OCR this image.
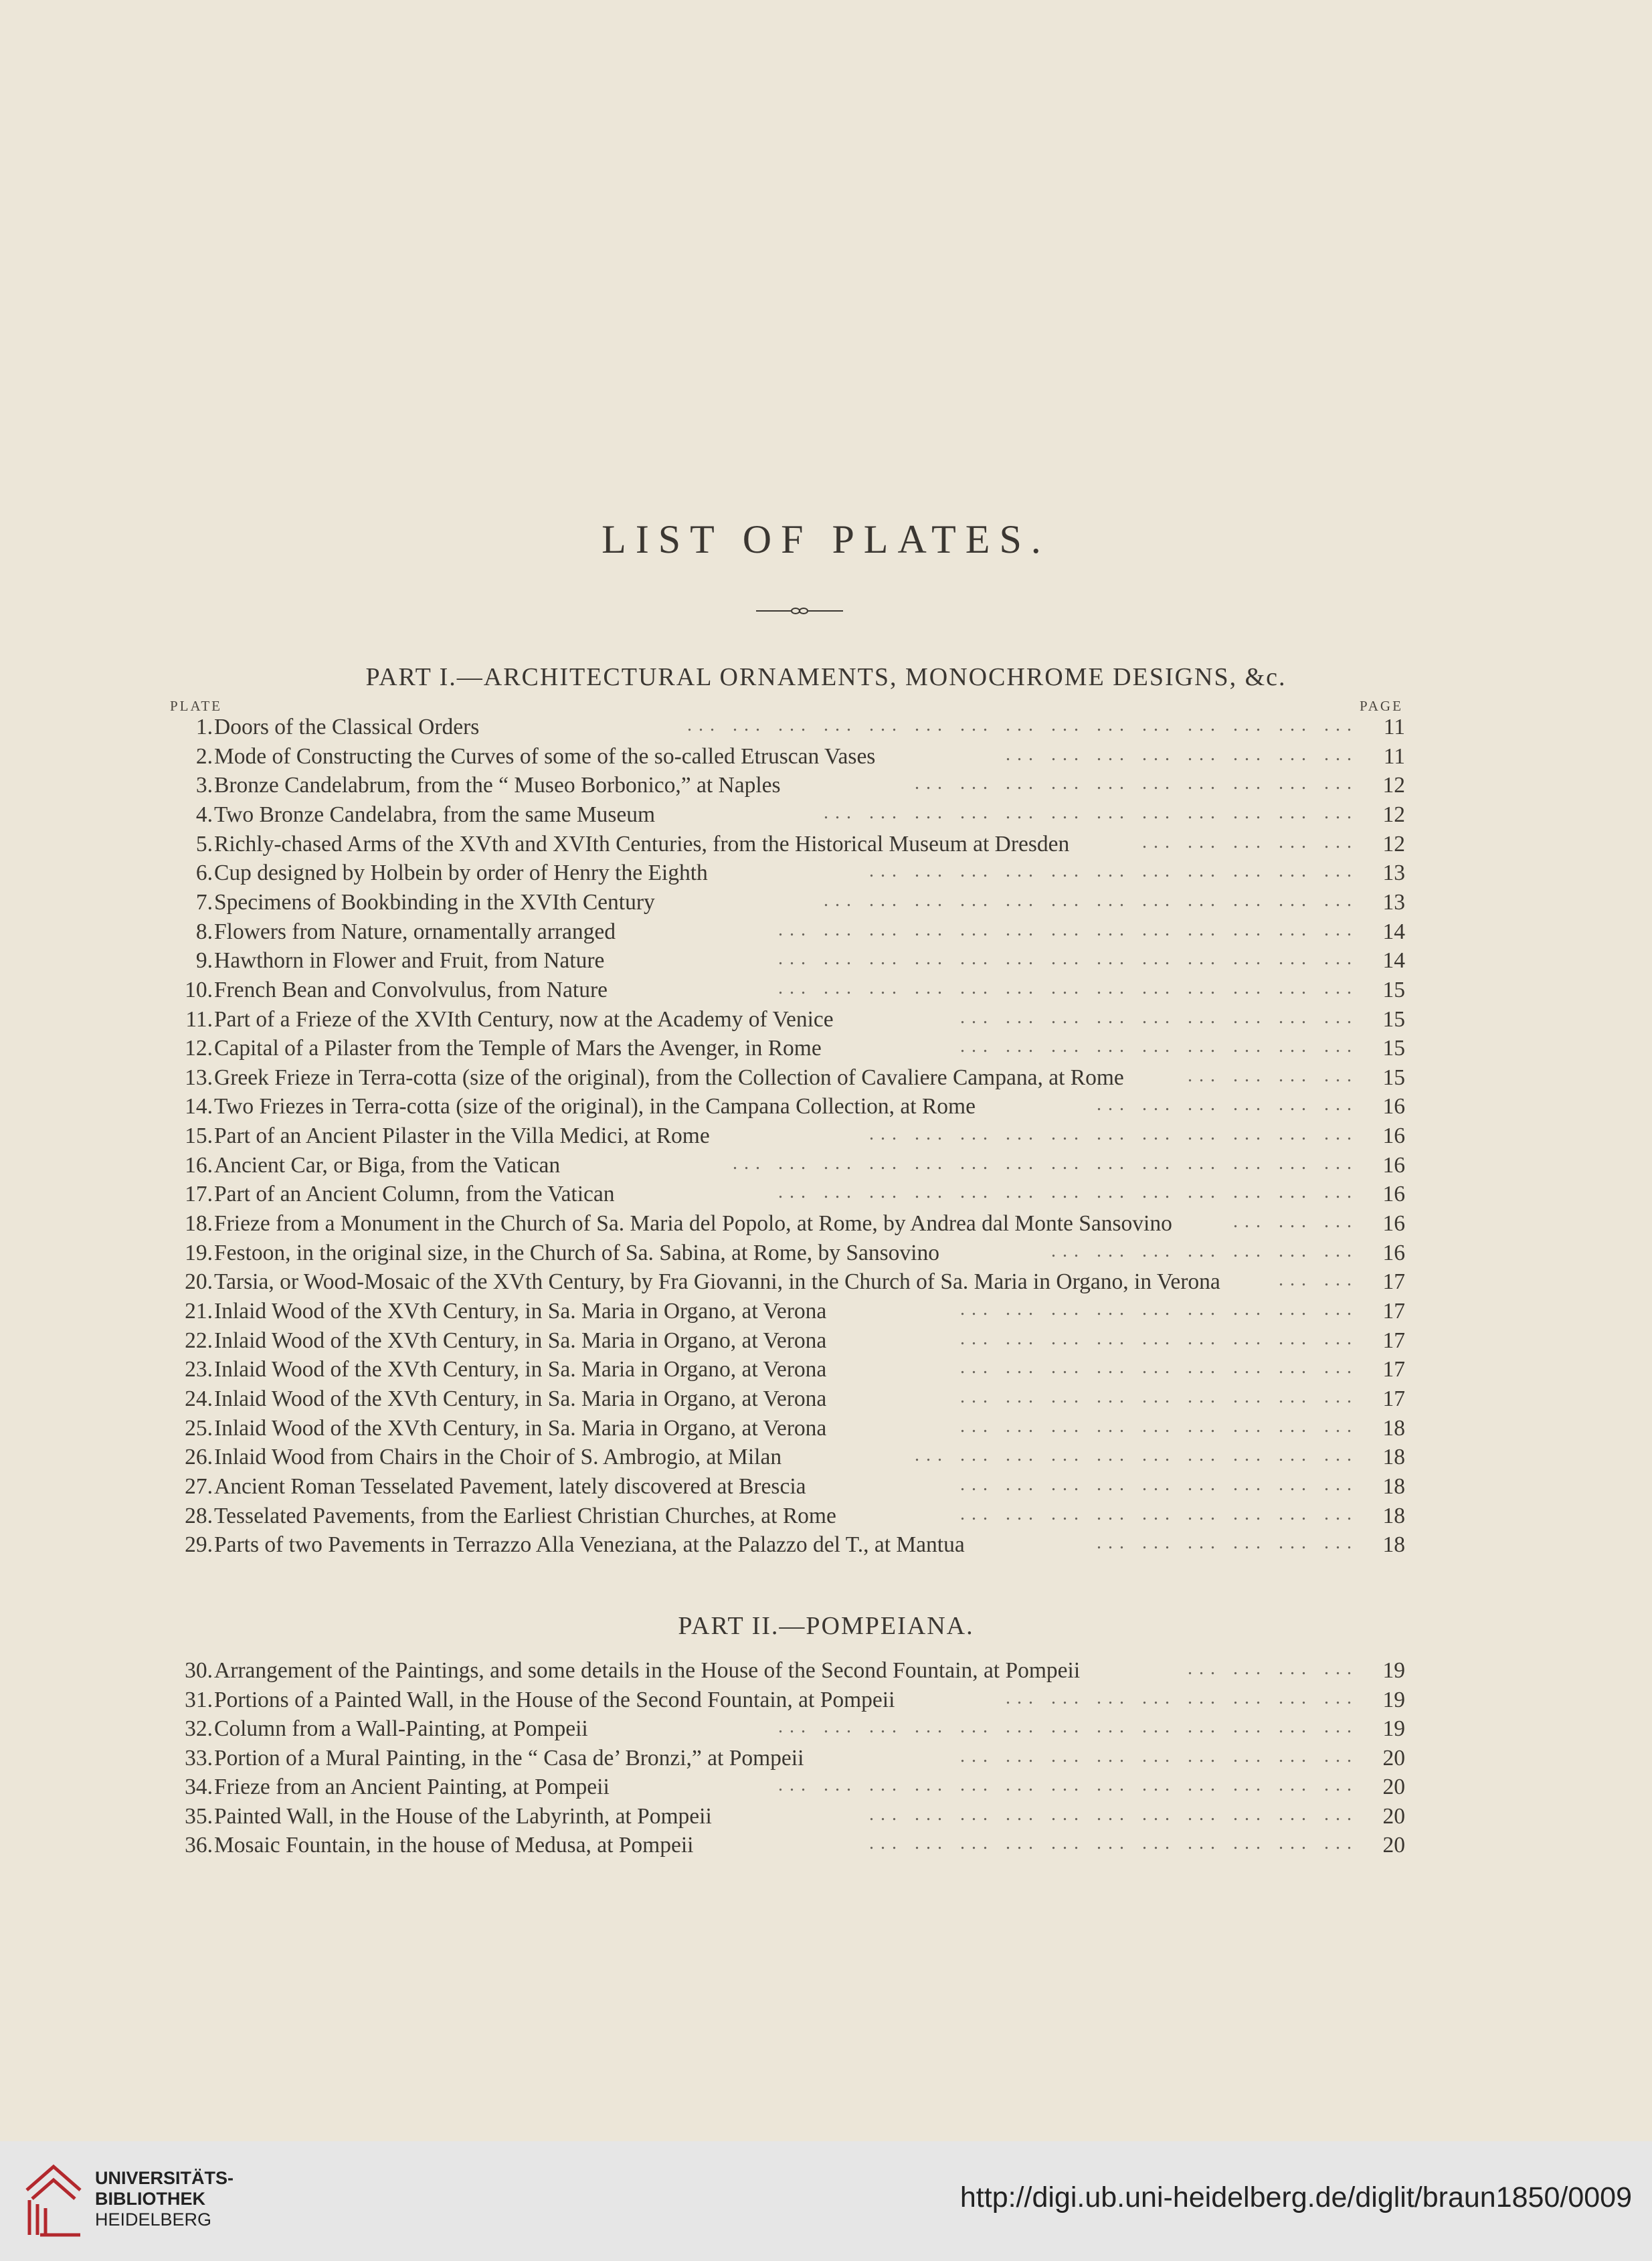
LIST OF PLATES.
PART I.—ARCHITECTURAL ORNAMENTS, MONOCHROME DESIGNS, &c.
PLATE	PAGE
1. Doors of the Classical Orders	11
... ... ... ... ... ... ... ... ... ... ... ... ... ... ...
2. Mode of Constructing the Curves of some of the so-called Etruscan Vases	11
... ... ... ... ... ... ... ...
3. Bronze Candelabrum, from the “ Museo Borbonico,” at Naples	12
... ... ... ... ... ... ... ... ... ...
4. Two Bronze Candelabra, from the same Museum	12
... ... ... ... ... ... ... ... ... ... ... ...
5. Richly-chased Arms of the XVth and XVIth Centuries, from the Historical Museum at Dresden	12
... ... ... ... ...
6. Cup designed by Holbein by order of Henry the Eighth	13
... ... ... ... ... ... ... ... ... ... ...
7. Specimens of Bookbinding in the XVIth Century	13
... ... ... ... ... ... ... ... ... ... ... ...
8. Flowers from Nature, ornamentally arranged	14
... ... ... ... ... ... ... ... ... ... ... ... ...
9. Hawthorn in Flower and Fruit, from Nature	14
... ... ... ... ... ... ... ... ... ... ... ... ...
10. French Bean and Convolvulus, from Nature	15
... ... ... ... ... ... ... ... ... ... ... ... ...
11. Part of a Frieze of the XVIth Century, now at the Academy of Venice	15
... ... ... ... ... ... ... ... ...
12. Capital of a Pilaster from the Temple of Mars the Avenger, in Rome	15
... ... ... ... ... ... ... ... ...
13. Greek Frieze in Terra-cotta (size of the original), from the Collection of Cavaliere Campana, at Rome	15
... ... ... ...
14. Two Friezes in Terra-cotta (size of the original), in the Campana Collection, at Rome	16
... ... ... ... ... ...
15. Part of an Ancient Pilaster in the Villa Medici, at Rome	16
... ... ... ... ... ... ... ... ... ... ...
16. Ancient Car, or Biga, from the Vatican	16
... ... ... ... ... ... ... ... ... ... ... ... ... ...
17. Part of an Ancient Column, from the Vatican	16
... ... ... ... ... ... ... ... ... ... ... ... ...
18. Frieze from a Monument in the Church of Sa. Maria del Popolo, at Rome, by Andrea dal Monte Sansovino	16
... ... ...
19. Festoon, in the original size, in the Church of Sa. Sabina, at Rome, by Sansovino	16
... ... ... ... ... ... ...
20. Tarsia, or Wood-Mosaic of the XVth Century, by Fra Giovanni, in the Church of Sa. Maria in Organo, in Verona	17
... ...
21. Inlaid Wood of the XVth Century, in Sa. Maria in Organo, at Verona	17
... ... ... ... ... ... ... ... ...
22. Inlaid Wood of the XVth Century, in Sa. Maria in Organo, at Verona	17
... ... ... ... ... ... ... ... ...
23. Inlaid Wood of the XVth Century, in Sa. Maria in Organo, at Verona	17
... ... ... ... ... ... ... ... ...
24. Inlaid Wood of the XVth Century, in Sa. Maria in Organo, at Verona	17
... ... ... ... ... ... ... ... ...
25. Inlaid Wood of the XVth Century, in Sa. Maria in Organo, at Verona	18
... ... ... ... ... ... ... ... ...
26. Inlaid Wood from Chairs in the Choir of S. Ambrogio, at Milan	18
... ... ... ... ... ... ... ... ... ...
27. Ancient Roman Tesselated Pavement, lately discovered at Brescia	18
... ... ... ... ... ... ... ... ...
28. Tesselated Pavements, from the Earliest Christian Churches, at Rome	18
... ... ... ... ... ... ... ... ...
29. Parts of two Pavements in Terrazzo Alla Veneziana, at the Palazzo del T., at Mantua	18
... ... ... ... ... ...
PART II.—POMPEIANA.
30. Arrangement of the Paintings, and some details in the House of the Second Fountain, at Pompeii	19
... ... ... ...
31. Portions of a Painted Wall, in the House of the Second Fountain, at Pompeii	19
... ... ... ... ... ... ... ...
32. Column from a Wall-Painting, at Pompeii	19
... ... ... ... ... ... ... ... ... ... ... ... ...
33. Portion of a Mural Painting, in the “ Casa de’ Bronzi,” at Pompeii	20
... ... ... ... ... ... ... ... ...
34. Frieze from an Ancient Painting, at Pompeii	20
... ... ... ... ... ... ... ... ... ... ... ... ...
35. Painted Wall, in the House of the Labyrinth, at Pompeii	20
... ... ... ... ... ... ... ... ... ... ...
36. Mosaic Fountain, in the house of Medusa, at Pompeii	20
... ... ... ... ... ... ... ... ... ... ...
UNIVERSITÄTS-
BIBLIOTHEK
HEIDELBERG
http://digi.ub.uni-heidelberg.de/diglit/braun1850/0009
